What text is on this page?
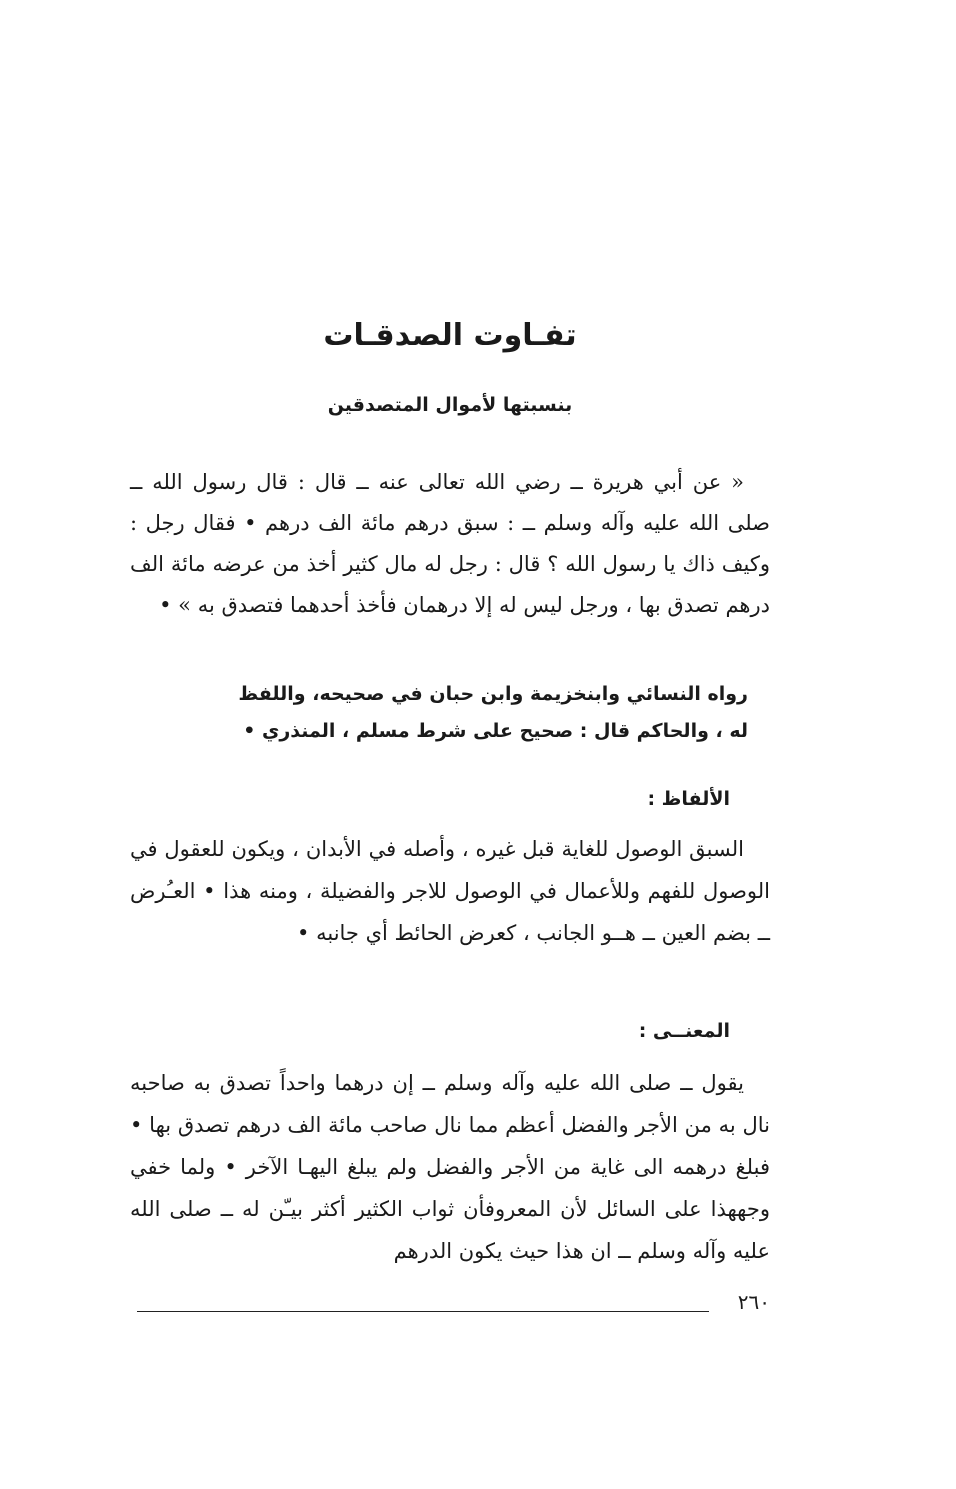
تفـاوت الصدقـات
بنسبتها لأموال المتصدقين

« عن أبي هريرة ــ رضي الله تعالى عنه ــ قال : قال رسول الله ــ صلى الله عليه وآله وسلم ــ : سبق درهم مائة الف درهم • فقال رجل : وكيف ذاك يا رسول الله ؟ قال : رجل له مال كثير أخذ من عرضه مائة الف درهم تصدق بها ، ورجل ليس له إلا درهمان فأخذ أحدهما فتصدق به » •

رواه النسائي وابنخزيمة وابن حبان في صحيحه، واللفظ
له ، والحاكم قال : صحيح على شرط مسلم ، المنذري •
الألفاظ :

السبق الوصول للغاية قبل غيره ، وأصله في الأبدان ، ويكون للعقول في الوصول للفهم وللأعمال في الوصول للاجر والفضيلة ، ومنه هذا • العـُرض ــ بضم العين ــ هــو الجانب ، كعرض الحائط أي جانبه •

المعنــى :

يقول ــ صلى الله عليه وآله وسلم ــ إن درهما واحداً تصدق به صاحبه نال به من الأجر والفضل أعظم مما نال صاحب مائة الف درهم تصدق بها • فبلغ درهمه الى غاية من الأجر والفضل ولم يبلغ اليهـا الآخر • ولما خفي وجههذا على السائل لأن المعروفأن ثواب الكثير أكثر بيـّن له ــ صلى الله عليه وآله وسلم ــ ان هذا حيث يكون الدرهم

٢٦٠
